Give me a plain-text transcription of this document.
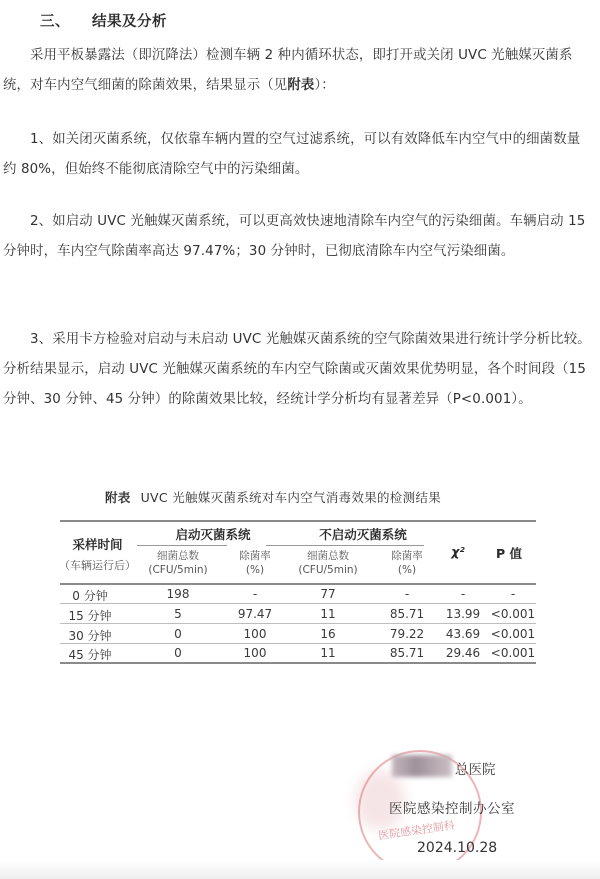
三、 结果及分析
采用平板暴露法（即沉降法）检测车辆 2 种内循环状态，即打开或关闭 UVC 光触媒灭菌系统，对车内空气细菌的除菌效果，结果显示（见附表）：
1、如关闭灭菌系统，仅依靠车辆内置的空气过滤系统，可以有效降低车内空气中的细菌数量约 80%，但始终不能彻底清除空气中的污染细菌。
2、如启动 UVC 光触媒灭菌系统，可以更高效快速地清除车内空气的污染细菌。车辆启动 15 分钟时，车内空气除菌率高达 97.47%；30 分钟时，已彻底清除车内空气污染细菌。
3、采用卡方检验对启动与未启动 UVC 光触媒灭菌系统的空气除菌效果进行统计学分析比较。分析结果显示，启动 UVC 光触媒灭菌系统的车内空气除菌或灭菌效果优势明显，各个时间段（15 分钟、30 分钟、45 分钟）的除菌效果比较，经统计学分析均有显著差异（P<0.001）。
附表 UVC 光触媒灭菌系统对车内空气消毒效果的检测结果
采样时间
（车辆运行后）
启动灭菌系统	不启动灭菌系统
细菌总数
(CFU/5min)
除菌率
(%)
细菌总数
(CFU/5min)
除菌率
(%)
χ²	P 值
0 分钟	198	-	77	-	-	-
15 分钟	5	97.47	11	85.71	13.99 <0.001
30 分钟	0	100	16	79.22	43.69 <0.001
45 分钟	0	100	11	85.71	29.46 <0.001
医院感染控制科
总医院
医院感染控制办公室
2024.10.28
